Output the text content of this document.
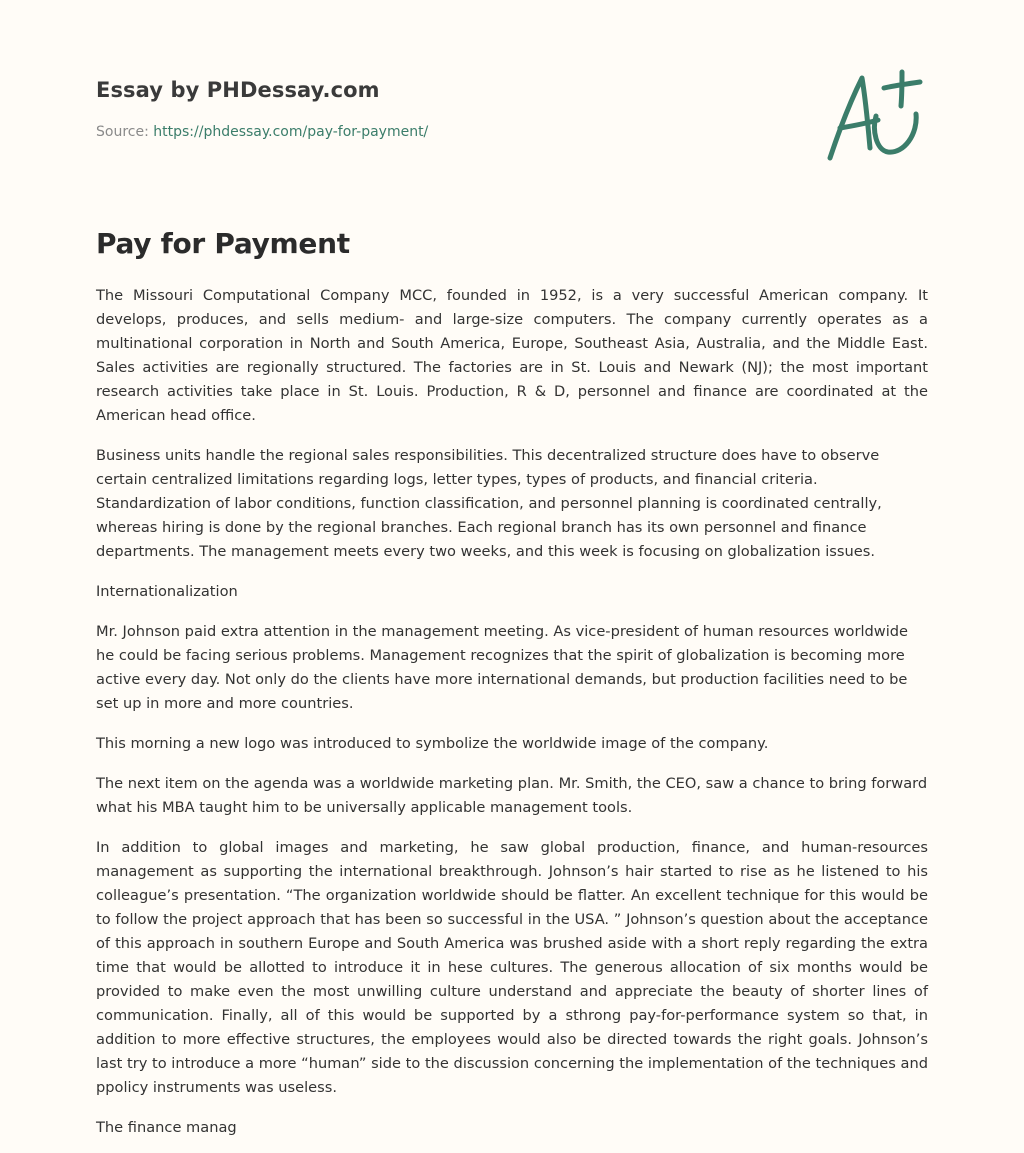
Essay by PHDessay.com
Source: https://phdessay.com/pay-for-payment/
Pay for Payment

The Missouri Computational Company MCC, founded in 1952, is a very successful American company. It develops, produces, and sells medium- and large-size computers. The company currently operates as a multinational corporation in North and South America, Europe, Southeast Asia, Australia, and the Middle East. Sales activities are regionally structured. The factories are in St. Louis and Newark (NJ); the most important research activities take place in St. Louis. Production, R & D, personnel and finance are coordinated at the American head office.

Business units handle the regional sales responsibilities. This decentralized structure does have to observe certain centralized limitations regarding logs, letter types, types of products, and financial criteria. Standardization of labor conditions, function classification, and personnel planning is coordinated centrally, whereas hiring is done by the regional branches. Each regional branch has its own personnel and finance departments. The management meets every two weeks, and this week is focusing on globalization issues.

Internationalization

Mr. Johnson paid extra attention in the management meeting. As vice-president of human resources worldwide he could be facing serious problems. Management recognizes that the spirit of globalization is becoming more active every day. Not only do the clients have more international demands, but production facilities need to be set up in more and more countries.

This morning a new logo was introduced to symbolize the worldwide image of the company.

The next item on the agenda was a worldwide marketing plan. Mr. Smith, the CEO, saw a chance to bring forward what his MBA taught him to be universally applicable management tools.

In addition to global images and marketing, he saw global production, finance, and human-resources management as supporting the international breakthrough. Johnson’s hair started to rise as he listened to his colleague’s presentation. “The organization worldwide should be flatter. An excellent technique for this would be to follow the project approach that has been so successful in the USA. ” Johnson’s question about the acceptance of this approach in southern Europe and South America was brushed aside with a short reply regarding the extra time that would be allotted to introduce it in hese cultures. The generous allocation of six months would be provided to make even the most unwilling culture understand and appreciate the beauty of shorter lines of communication. Finally, all of this would be supported by a sthrong pay-for-performance system so that, in addition to more effective structures, the employees would also be directed towards the right goals. Johnson’s last try to introduce a more “human” side to the discussion concerning the implementation of the techniques and ppolicy instruments was useless.

The finance manag
